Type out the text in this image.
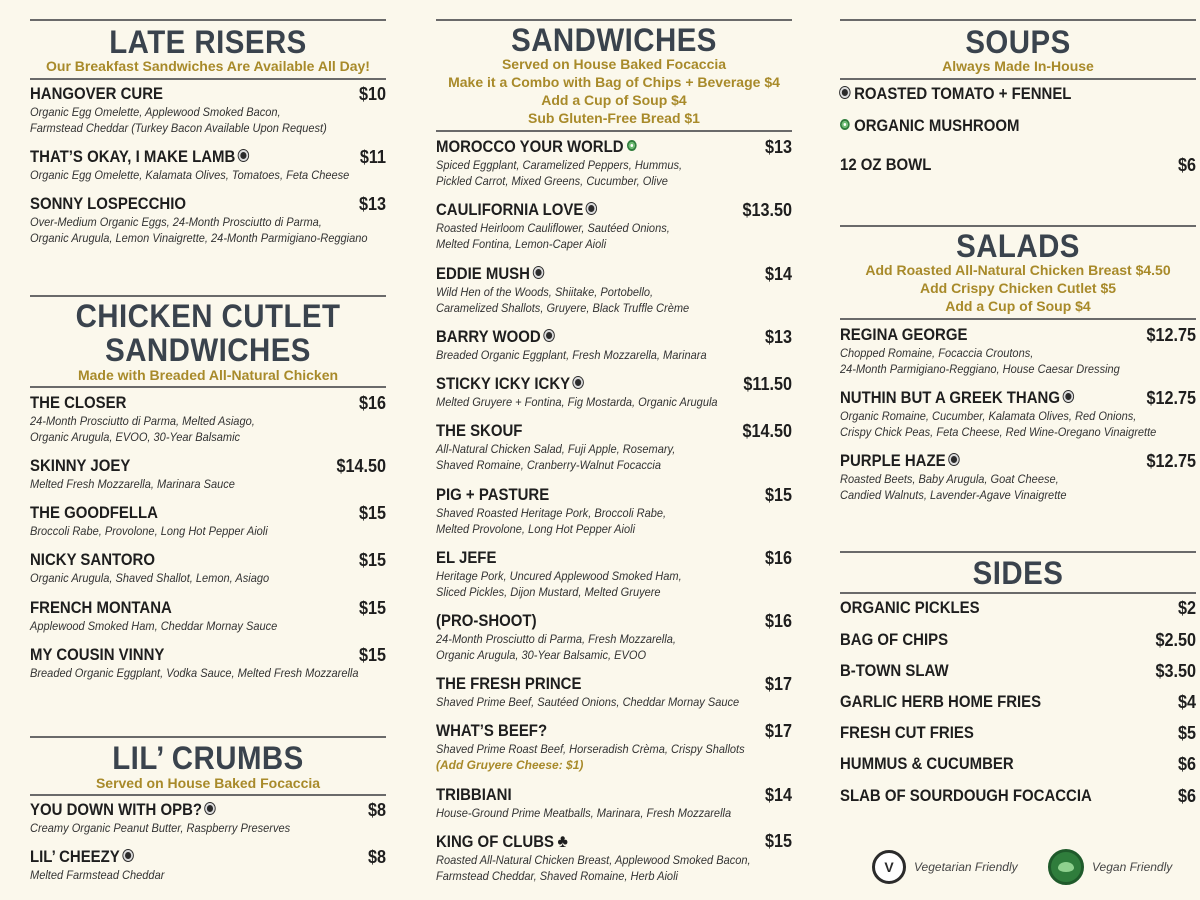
LATE RISERS
Our Breakfast Sandwiches Are Available All Day!
HANGOVER CURE	$10
Organic Egg Omelette, Applewood Smoked Bacon,
Farmstead Cheddar (Turkey Bacon Available Upon Request)
THAT’S OKAY, I MAKE LAMB	$11
Organic Egg Omelette, Kalamata Olives, Tomatoes, Feta Cheese
SONNY LOSPECCHIO	$13
Over-Medium Organic Eggs, 24-Month Prosciutto di Parma,
Organic Arugula, Lemon Vinaigrette, 24-Month Parmigiano-Reggiano
CHICKEN CUTLET
SANDWICHES
Made with Breaded All-Natural Chicken
THE CLOSER	$16
24-Month Prosciutto di Parma, Melted Asiago,
Organic Arugula, EVOO, 30-Year Balsamic
SKINNY JOEY	$14.50
Melted Fresh Mozzarella, Marinara Sauce
THE GOODFELLA	$15
Broccoli Rabe, Provolone, Long Hot Pepper Aioli
NICKY SANTORO	$15
Organic Arugula, Shaved Shallot, Lemon, Asiago
FRENCH MONTANA	$15
Applewood Smoked Ham, Cheddar Mornay Sauce
MY COUSIN VINNY	$15
Breaded Organic Eggplant, Vodka Sauce, Melted Fresh Mozzarella
LIL’ CRUMBS
Served on House Baked Focaccia
YOU DOWN WITH OPB?	$8
Creamy Organic Peanut Butter, Raspberry Preserves
LIL’ CHEEZY	$8
Melted Farmstead Cheddar
SANDWICHES
Served on House Baked Focaccia
Make it a Combo with Bag of Chips + Beverage $4
Add a Cup of Soup $4
Sub Gluten-Free Bread $1
MOROCCO YOUR WORLD	$13
Spiced Eggplant, Caramelized Peppers, Hummus,
Pickled Carrot, Mixed Greens, Cucumber, Olive
CAULIFORNIA LOVE	$13.50
Roasted Heirloom Cauliflower, Sautéed Onions,
Melted Fontina, Lemon-Caper Aioli
EDDIE MUSH	$14
Wild Hen of the Woods, Shiitake, Portobello,
Caramelized Shallots, Gruyere, Black Truffle Crème
BARRY WOOD	$13
Breaded Organic Eggplant, Fresh Mozzarella, Marinara
STICKY ICKY ICKY	$11.50
Melted Gruyere + Fontina, Fig Mostarda, Organic Arugula
THE SKOUF	$14.50
All-Natural Chicken Salad, Fuji Apple, Rosemary,
Shaved Romaine, Cranberry-Walnut Focaccia
PIG + PASTURE	$15
Shaved Roasted Heritage Pork, Broccoli Rabe,
Melted Provolone, Long Hot Pepper Aioli
EL JEFE	$16
Heritage Pork, Uncured Applewood Smoked Ham,
Sliced Pickles, Dijon Mustard, Melted Gruyere
(PRO-SHOOT)	$16
24-Month Prosciutto di Parma, Fresh Mozzarella,
Organic Arugula, 30-Year Balsamic, EVOO
THE FRESH PRINCE	$17
Shaved Prime Beef, Sautéed Onions, Cheddar Mornay Sauce
WHAT’S BEEF?	$17
Shaved Prime Roast Beef, Horseradish Crèma, Crispy Shallots
(Add Gruyere Cheese: $1)
TRIBBIANI	$14
House-Ground Prime Meatballs, Marinara, Fresh Mozzarella
KING OF CLUBS ♣	$15
Roasted All-Natural Chicken Breast, Applewood Smoked Bacon,
Farmstead Cheddar, Shaved Romaine, Herb Aioli
SOUPS
Always Made In-House
ROASTED TOMATO + FENNEL
ORGANIC MUSHROOM
12 OZ BOWL	$6
SALADS
Add Roasted All-Natural Chicken Breast $4.50
Add Crispy Chicken Cutlet $5
Add a Cup of Soup $4
REGINA GEORGE	$12.75
Chopped Romaine, Focaccia Croutons,
24-Month Parmigiano-Reggiano, House Caesar Dressing
NUTHIN BUT A GREEK THANG	$12.75
Organic Romaine, Cucumber, Kalamata Olives, Red Onions,
Crispy Chick Peas, Feta Cheese, Red Wine-Oregano Vinaigrette
PURPLE HAZE	$12.75
Roasted Beets, Baby Arugula, Goat Cheese,
Candied Walnuts, Lavender-Agave Vinaigrette
SIDES
ORGANIC PICKLES	$2
BAG OF CHIPS	$2.50
B-TOWN SLAW	$3.50
GARLIC HERB HOME FRIES	$4
FRESH CUT FRIES	$5
HUMMUS & CUCUMBER	$6
SLAB OF SOURDOUGH FOCACCIA	$6
V Vegetarian Friendly	Vegan Friendly
